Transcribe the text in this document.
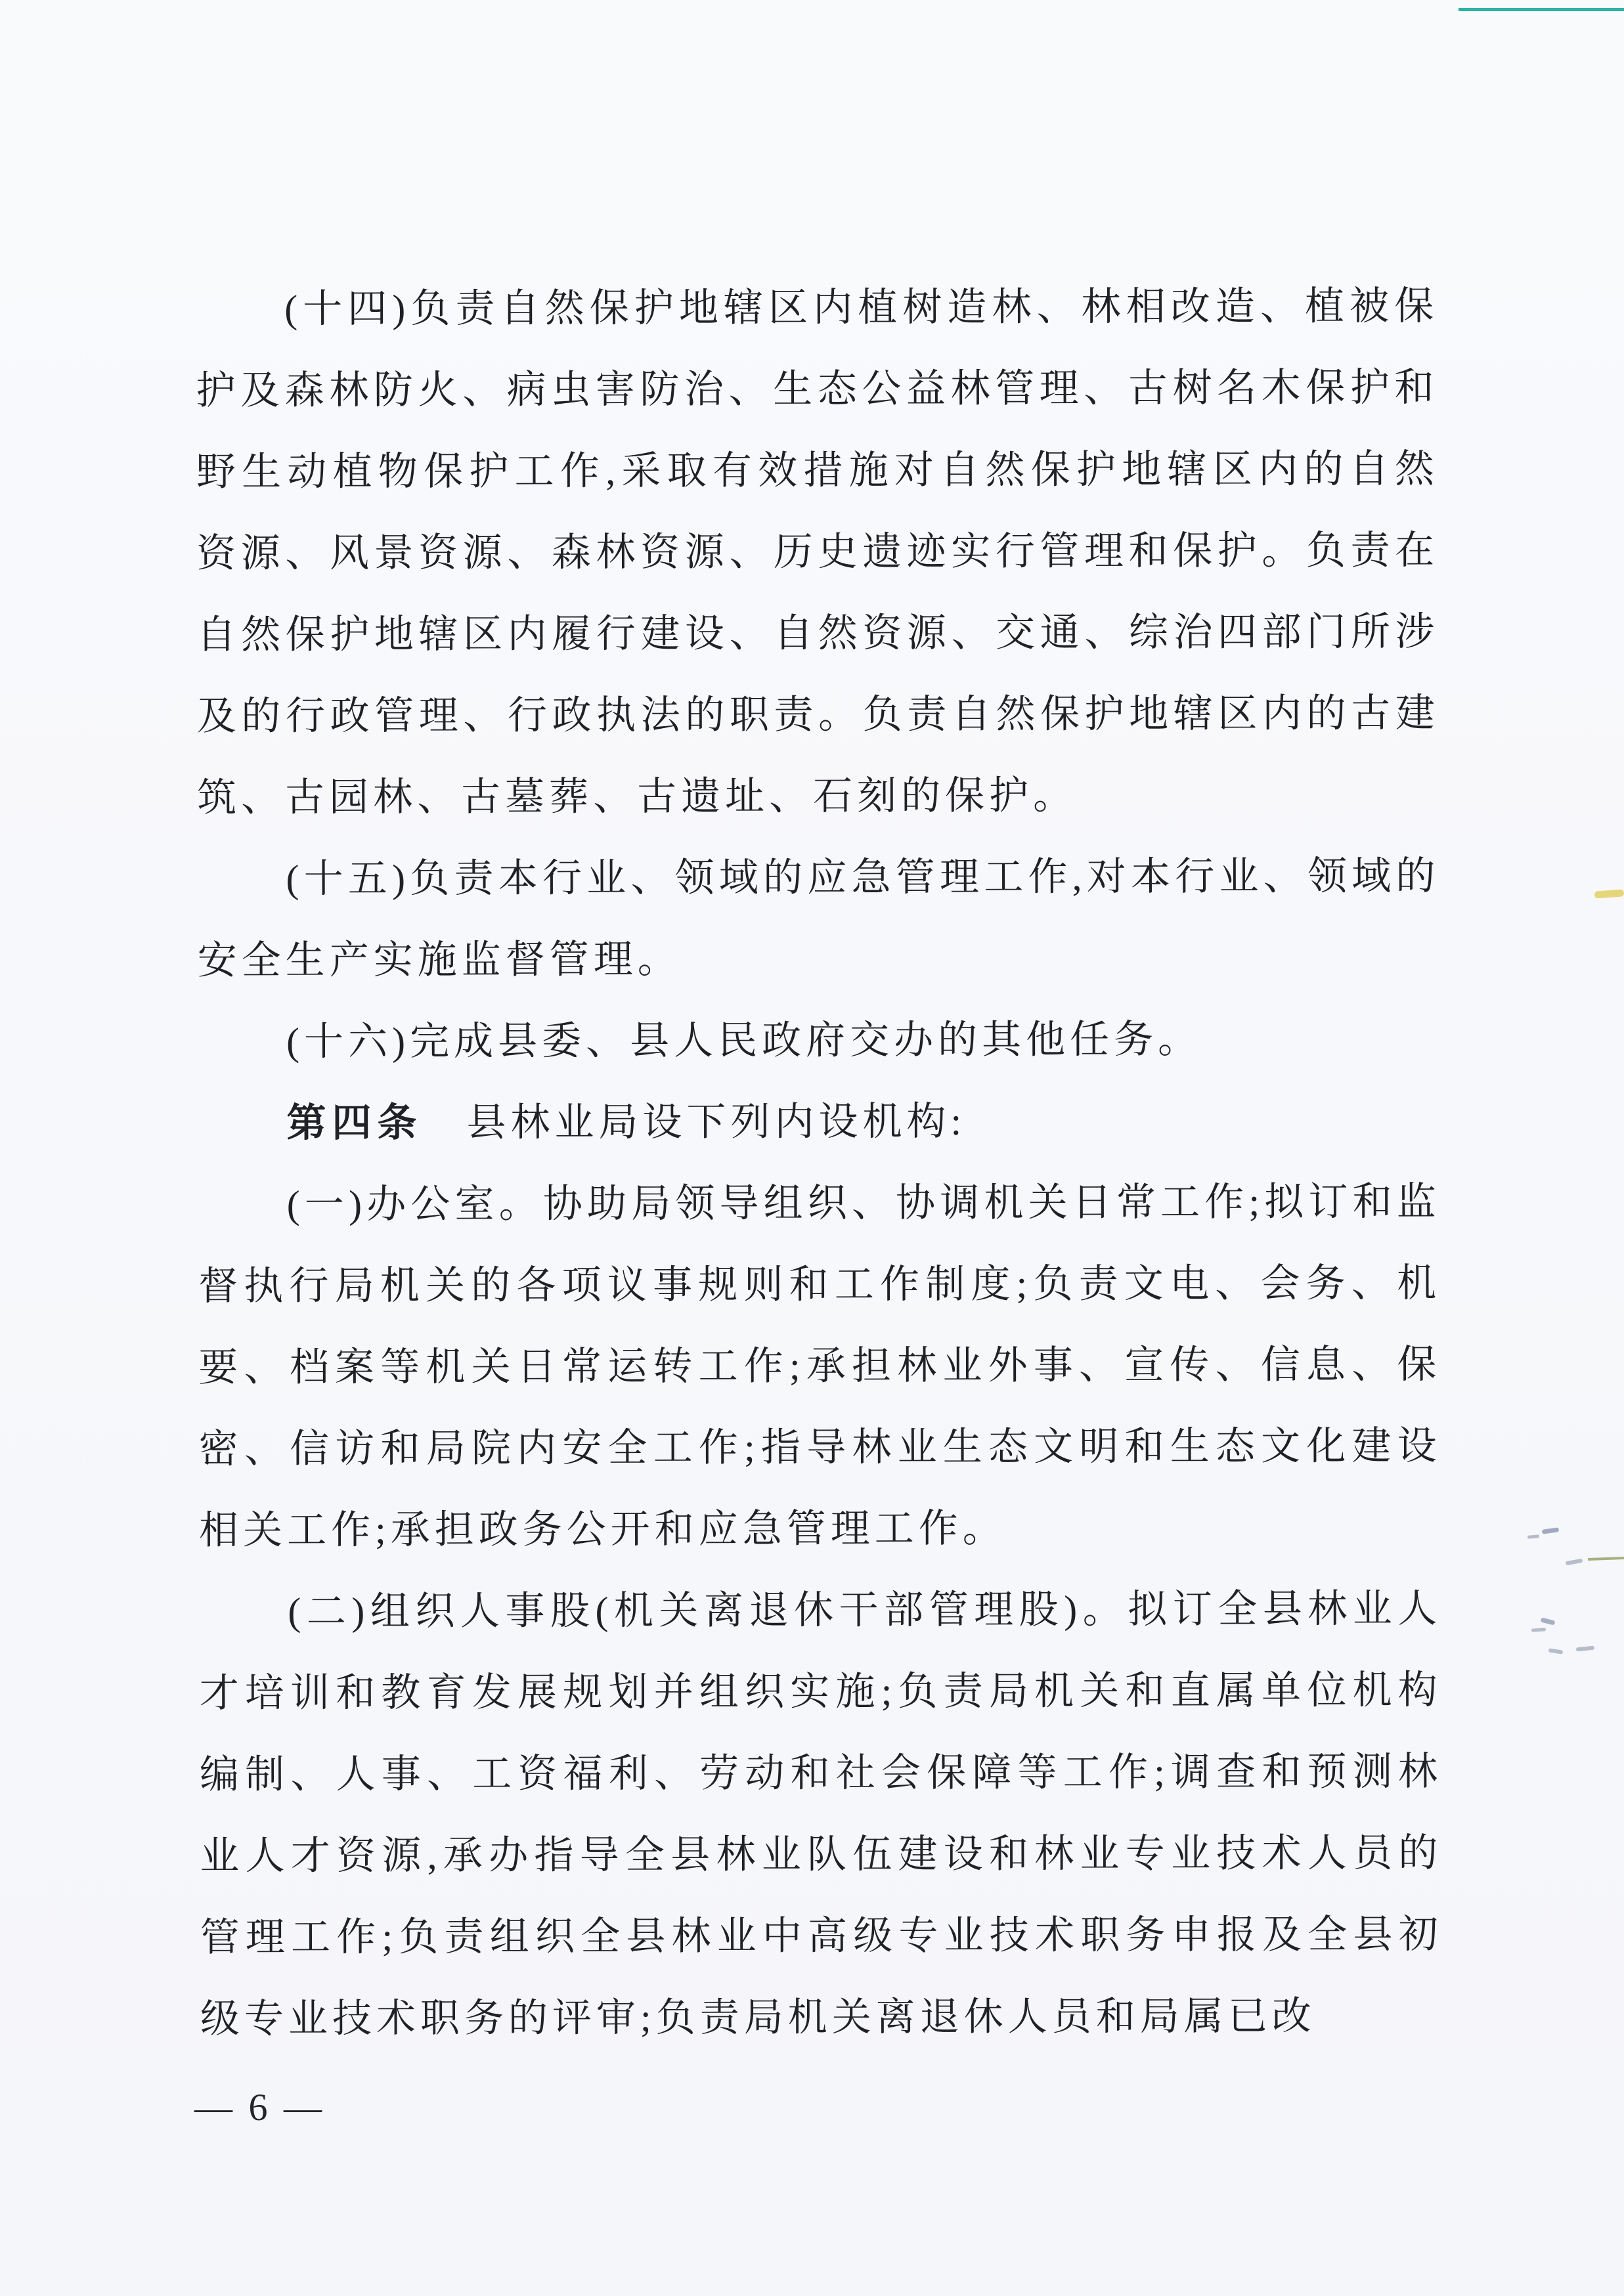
(十四)负责自然保护地辖区内植树造林、林相改造、植被保护及森林防火、病虫害防治、生态公益林管理、古树名木保护和野生动植物保护工作,采取有效措施对自然保护地辖区内的自然资源、风景资源、森林资源、历史遗迹实行管理和保护。负责在自然保护地辖区内履行建设、自然资源、交通、综治四部门所涉及的行政管理、行政执法的职责。负责自然保护地辖区内的古建筑、古园林、古墓葬、古遗址、石刻的保护。

(十五)负责本行业、领域的应急管理工作,对本行业、领域的安全生产实施监督管理。

(十六)完成县委、县人民政府交办的其他任务。

第四条　县林业局设下列内设机构:

(一)办公室。协助局领导组织、协调机关日常工作;拟订和监督执行局机关的各项议事规则和工作制度;负责文电、会务、机要、档案等机关日常运转工作;承担林业外事、宣传、信息、保密、信访和局院内安全工作;指导林业生态文明和生态文化建设相关工作;承担政务公开和应急管理工作。

(二)组织人事股(机关离退休干部管理股)。拟订全县林业人才培训和教育发展规划并组织实施;负责局机关和直属单位机构编制、人事、工资福利、劳动和社会保障等工作;调查和预测林业人才资源,承办指导全县林业队伍建设和林业专业技术人员的管理工作;负责组织全县林业中高级专业技术职务申报及全县初级专业技术职务的评审;负责局机关离退休人员和局属已改

— 6 —
